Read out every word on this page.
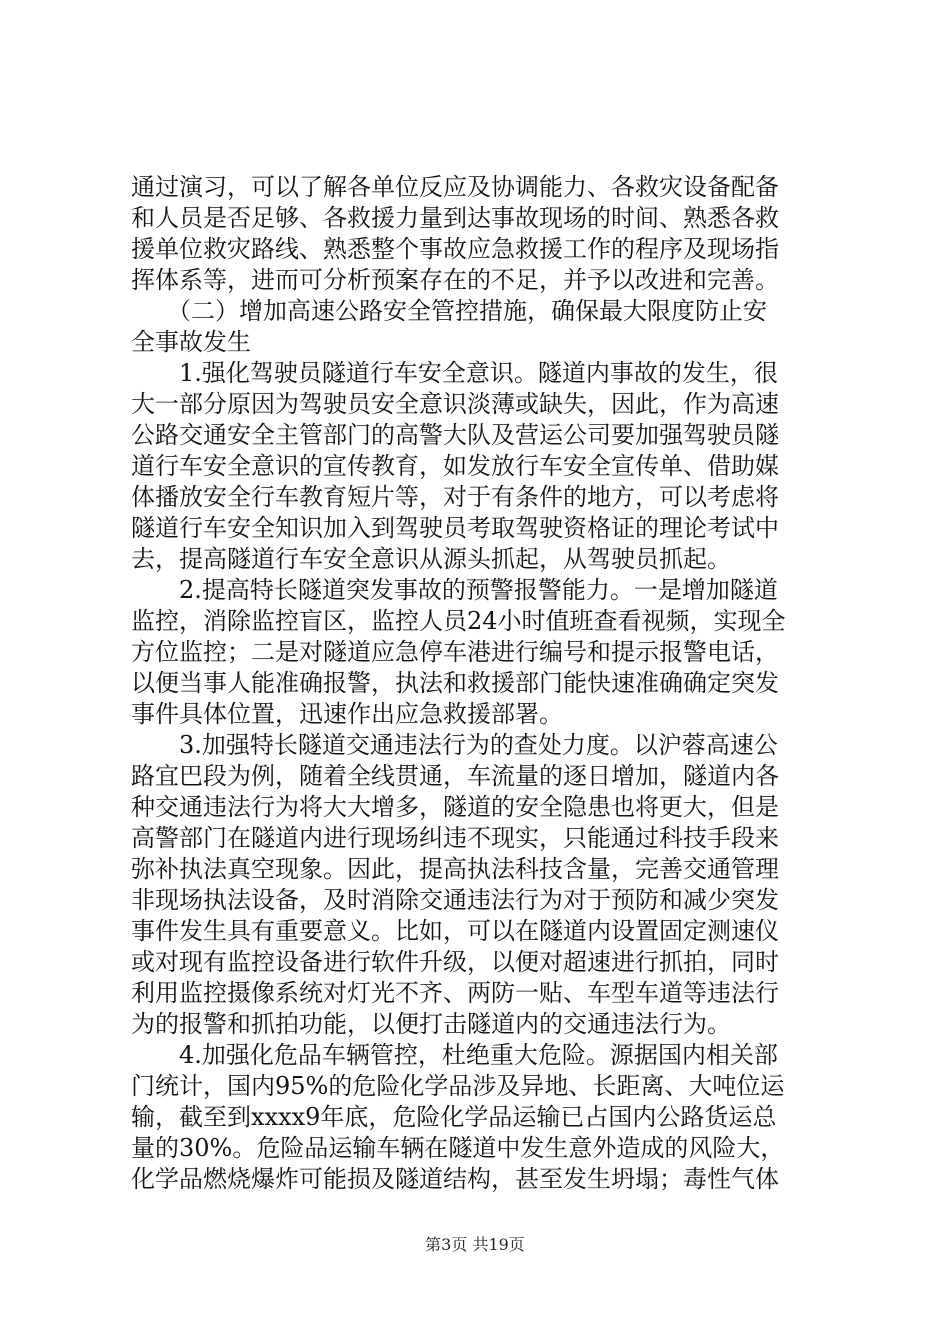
通过演习，可以了解各单位反应及协调能力、各救灾设备配备
和人员是否足够、各救援力量到达事故现场的时间、熟悉各救
援单位救灾路线、熟悉整个事故应急救援工作的程序及现场指
挥体系等，进而可分析预案存在的不足，并予以改进和完善。
　　（二）增加高速公路安全管控措施，确保最大限度防止安
全事故发生
　　1.强化驾驶员隧道行车安全意识。隧道内事故的发生，很
大一部分原因为驾驶员安全意识淡薄或缺失，因此，作为高速
公路交通安全主管部门的高警大队及营运公司要加强驾驶员隧
道行车安全意识的宣传教育，如发放行车安全宣传单、借助媒
体播放安全行车教育短片等，对于有条件的地方，可以考虑将
隧道行车安全知识加入到驾驶员考取驾驶资格证的理论考试中
去，提高隧道行车安全意识从源头抓起，从驾驶员抓起。
　　2.提高特长隧道突发事故的预警报警能力。一是增加隧道
监控，消除监控盲区，监控人员24小时值班查看视频，实现全
方位监控；二是对隧道应急停车港进行编号和提示报警电话，
以便当事人能准确报警，执法和救援部门能快速准确确定突发
事件具体位置，迅速作出应急救援部署。
　　3.加强特长隧道交通违法行为的查处力度。以沪蓉高速公
路宜巴段为例，随着全线贯通，车流量的逐日增加，隧道内各
种交通违法行为将大大增多，隧道的安全隐患也将更大，但是
高警部门在隧道内进行现场纠违不现实，只能通过科技手段来
弥补执法真空现象。因此，提高执法科技含量，完善交通管理
非现场执法设备，及时消除交通违法行为对于预防和减少突发
事件发生具有重要意义。比如，可以在隧道内设置固定测速仪
或对现有监控设备进行软件升级，以便对超速进行抓拍，同时
利用监控摄像系统对灯光不齐、两防一贴、车型车道等违法行
为的报警和抓拍功能，以便打击隧道内的交通违法行为。
　　4.加强化危品车辆管控，杜绝重大危险。源据国内相关部
门统计，国内95%的危险化学品涉及异地、长距离、大吨位运
输，截至到xxxx9年底，危险化学品运输已占国内公路货运总
量的30%。危险品运输车辆在隧道中发生意外造成的风险大，
化学品燃烧爆炸可能损及隧道结构，甚至发生坍塌；毒性气体
第3页 共19页
